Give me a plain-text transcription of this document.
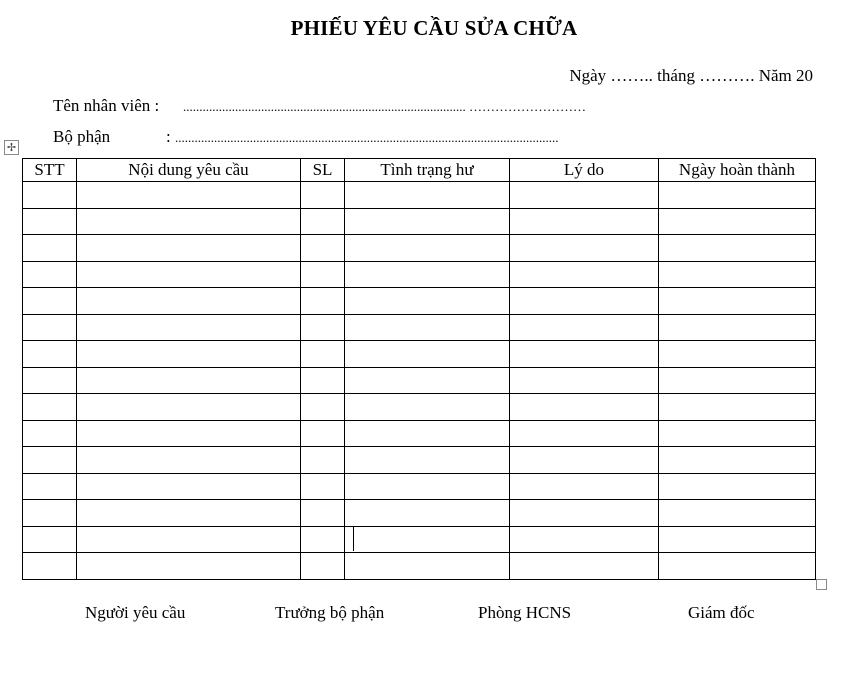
PHIẾU YÊU CẦU SỬA CHỮA
Ngày …….. tháng ………. Năm 20
Tên nhân viên : ....................................................................................... ………………………
Bộ phận	: ......................................................................................................................
✢
STT	Nội dung yêu cầu	SL	Tình trạng hư	Lý do	Ngày hoàn thành

Người yêu cầu	Trưởng bộ phận	Phòng HCNS	Giám đốc
